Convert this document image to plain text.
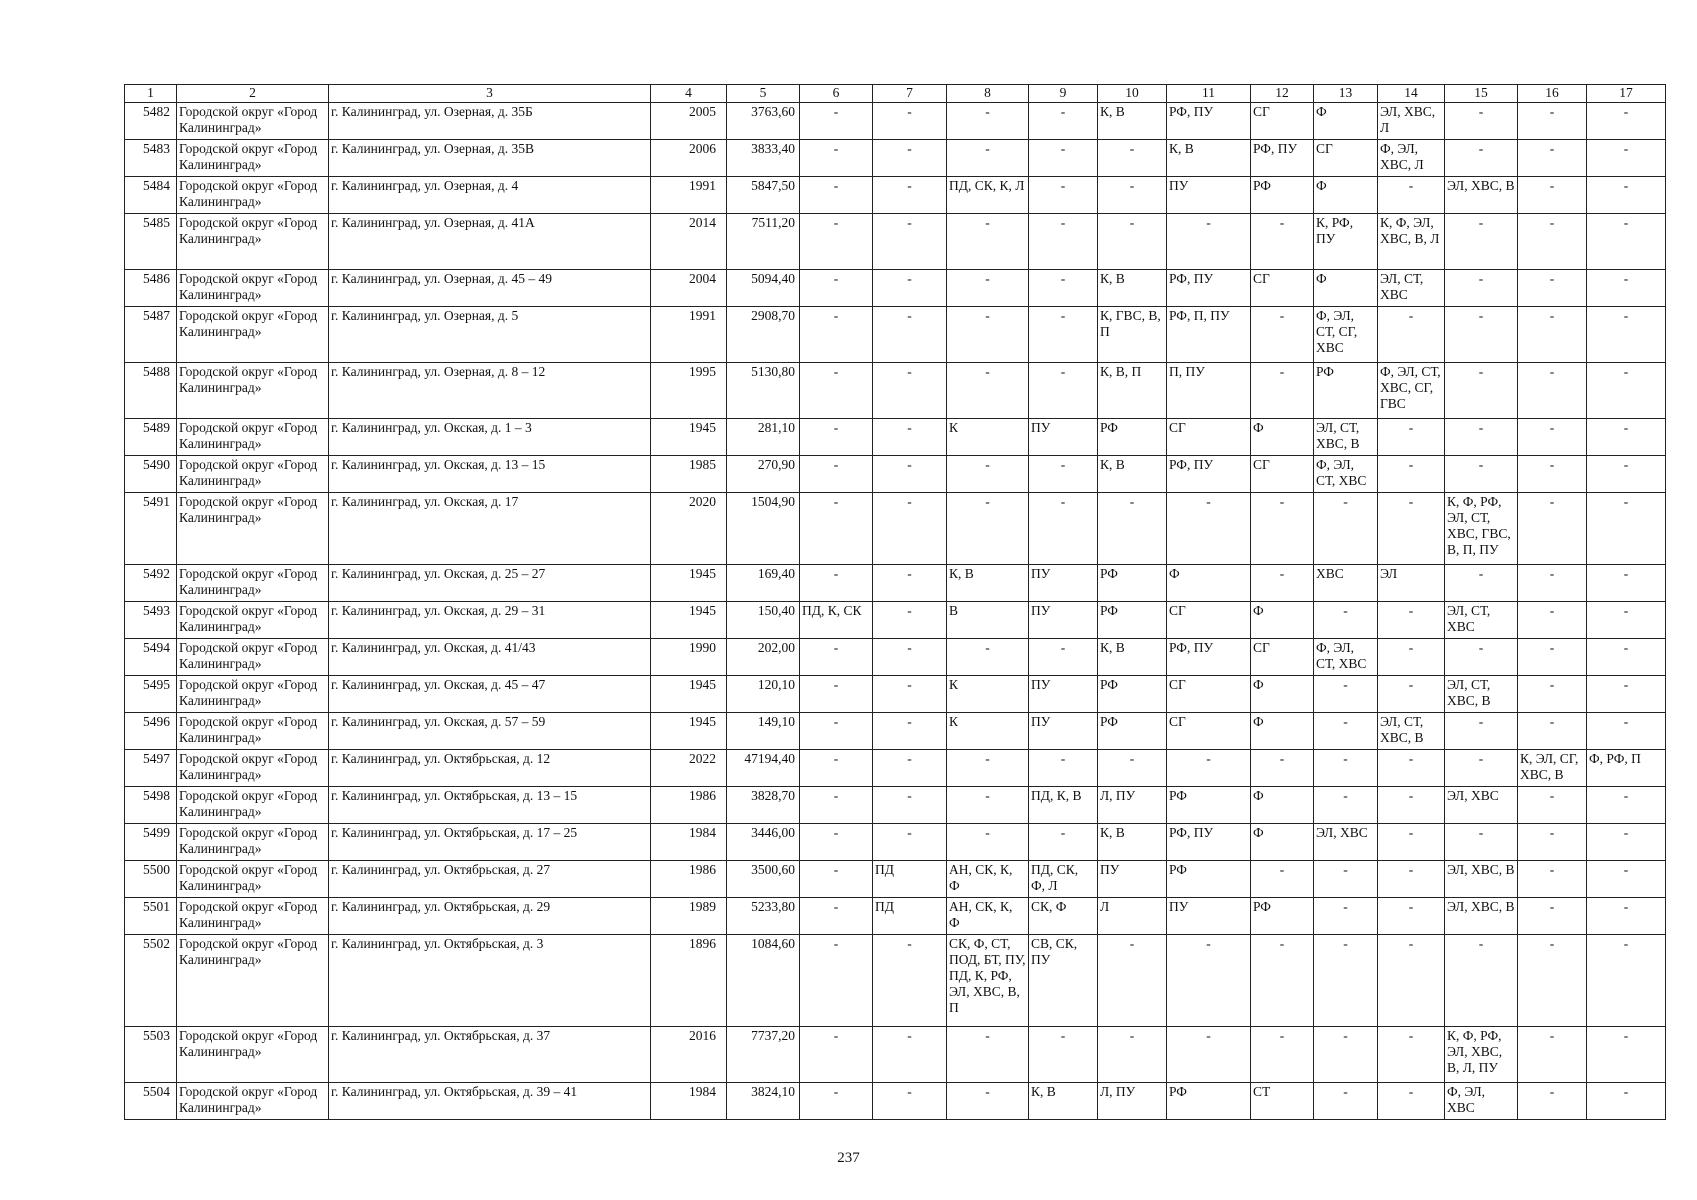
1	2	3	4	5	6	7	8	9	10	11	12	13	14	15	16	17
5482	Городской округ «Город Калининград»	г. Калининград, ул. Озерная, д. 35Б	2005	3763,60	-	-	-	-	К, В	РФ, ПУ	СГ	Ф	ЭЛ, ХВС, Л	-	-	-
5483	Городской округ «Город Калининград»	г. Калининград, ул. Озерная, д. 35В	2006	3833,40	-	-	-	-	-	К, В	РФ, ПУ	СГ	Ф, ЭЛ, ХВС, Л	-	-	-
5484	Городской округ «Город Калининград»	г. Калининград, ул. Озерная, д. 4	1991	5847,50	-	-	ПД, СК, К, Л	-	-	ПУ	РФ	Ф	-	ЭЛ, ХВС, В	-	-
5485	Городской округ «Город Калининград»	г. Калининград, ул. Озерная, д. 41А	2014	7511,20	-	-	-	-	-	-	-	К, РФ, ПУ	К, Ф, ЭЛ, ХВС, В, Л	-	-	-
5486	Городской округ «Город Калининград»	г. Калининград, ул. Озерная, д. 45 – 49	2004	5094,40	-	-	-	-	К, В	РФ, ПУ	СГ	Ф	ЭЛ, СТ, ХВС	-	-	-
5487	Городской округ «Город Калининград»	г. Калининград, ул. Озерная, д. 5	1991	2908,70	-	-	-	-	К, ГВС, В, П	РФ, П, ПУ	-	Ф, ЭЛ, СТ, СГ, ХВС	-	-	-	-
5488	Городской округ «Город Калининград»	г. Калининград, ул. Озерная, д. 8 – 12	1995	5130,80	-	-	-	-	К, В, П	П, ПУ	-	РФ	Ф, ЭЛ, СТ, ХВС, СГ, ГВС	-	-	-
5489	Городской округ «Город Калининград»	г. Калининград, ул. Окская, д. 1 – 3	1945	281,10	-	-	К	ПУ	РФ	СГ	Ф	ЭЛ, СТ, ХВС, В	-	-	-	-
5490	Городской округ «Город Калининград»	г. Калининград, ул. Окская, д. 13 – 15	1985	270,90	-	-	-	-	К, В	РФ, ПУ	СГ	Ф, ЭЛ, СТ, ХВС	-	-	-	-
5491	Городской округ «Город Калининград»	г. Калининград, ул. Окская, д. 17	2020	1504,90	-	-	-	-	-	-	-	-	-	К, Ф, РФ, ЭЛ, СТ, ХВС, ГВС, В, П, ПУ	-	-
5492	Городской округ «Город Калининград»	г. Калининград, ул. Окская, д. 25 – 27	1945	169,40	-	-	К, В	ПУ	РФ	Ф	-	ХВС	ЭЛ	-	-	-
5493	Городской округ «Город Калининград»	г. Калининград, ул. Окская, д. 29 – 31	1945	150,40	ПД, К, СК	-	В	ПУ	РФ	СГ	Ф	-	-	ЭЛ, СТ, ХВС	-	-
5494	Городской округ «Город Калининград»	г. Калининград, ул. Окская, д. 41/43	1990	202,00	-	-	-	-	К, В	РФ, ПУ	СГ	Ф, ЭЛ, СТ, ХВС	-	-	-	-
5495	Городской округ «Город Калининград»	г. Калининград, ул. Окская, д. 45 – 47	1945	120,10	-	-	К	ПУ	РФ	СГ	Ф	-	-	ЭЛ, СТ, ХВС, В	-	-
5496	Городской округ «Город Калининград»	г. Калининград, ул. Окская, д. 57 – 59	1945	149,10	-	-	К	ПУ	РФ	СГ	Ф	-	ЭЛ, СТ, ХВС, В	-	-	-
5497	Городской округ «Город Калининград»	г. Калининград, ул. Октябрьская, д. 12	2022	47194,40	-	-	-	-	-	-	-	-	-	-	К, ЭЛ, СГ, ХВС, В	Ф, РФ, П
5498	Городской округ «Город Калининград»	г. Калининград, ул. Октябрьская, д. 13 – 15	1986	3828,70	-	-	-	ПД, К, В	Л, ПУ	РФ	Ф	-	-	ЭЛ, ХВС	-	-
5499	Городской округ «Город Калининград»	г. Калининград, ул. Октябрьская, д. 17 – 25	1984	3446,00	-	-	-	-	К, В	РФ, ПУ	Ф	ЭЛ, ХВС	-	-	-	-
5500	Городской округ «Город Калининград»	г. Калининград, ул. Октябрьская, д. 27	1986	3500,60	-	ПД	АН, СК, К, Ф	ПД, СК, Ф, Л	ПУ	РФ	-	-	-	ЭЛ, ХВС, В	-	-
5501	Городской округ «Город Калининград»	г. Калининград, ул. Октябрьская, д. 29	1989	5233,80	-	ПД	АН, СК, К, Ф	СК, Ф	Л	ПУ	РФ	-	-	ЭЛ, ХВС, В	-	-
5502	Городской округ «Город Калининград»	г. Калининград, ул. Октябрьская, д. 3	1896	1084,60	-	-	СК, Ф, СТ, ПОД, БТ, ПУ, ПД, К, РФ, ЭЛ, ХВС, В, П	СВ, СК, ПУ	-	-	-	-	-	-	-	-
5503	Городской округ «Город Калининград»	г. Калининград, ул. Октябрьская, д. 37	2016	7737,20	-	-	-	-	-	-	-	-	-	К, Ф, РФ, ЭЛ, ХВС, В, Л, ПУ	-	-
5504	Городской округ «Город Калининград»	г. Калининград, ул. Октябрьская, д. 39 – 41	1984	3824,10	-	-	-	К, В	Л, ПУ	РФ	СТ	-	-	Ф, ЭЛ, ХВС	-	-
237
